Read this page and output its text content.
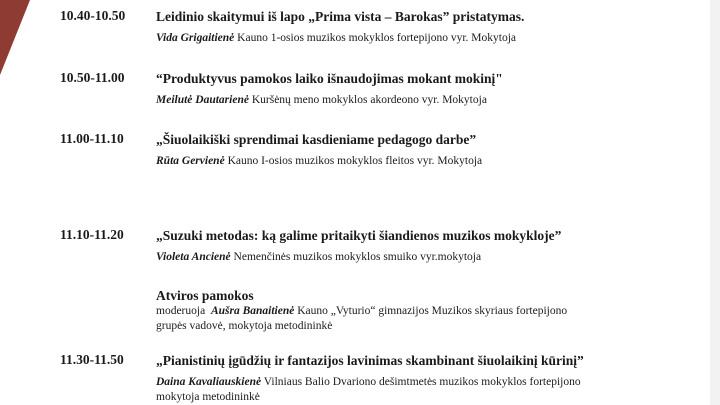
10.40-10.50	Leidinio skaitymui iš lapo „Prima vista – Barokas” pristatymas.
Vida Grigaitienė Kauno 1-osios muzikos mokyklos fortepijono vyr. Mokytoja
10.50-11.00	“Produktyvus pamokos laiko išnaudojimas mokant mokinį"
Meilutė Dautarienė Kuršėnų meno mokyklos akordeono vyr. Mokytoja
11.00-11.10	„Šiuolaikiški sprendimai kasdieniame pedagogo darbe”
Rūta Gervienė Kauno I-osios muzikos mokyklos fleitos vyr. Mokytoja
11.10-11.20	„Suzuki metodas: ką galime pritaikyti šiandienos muzikos mokykloje”
Violeta Ancienė Nemenčinės muzikos mokyklos smuiko vyr.mokytoja
Atviros pamokos
moderuoja Aušra Banaitienė Kauno „Vyturio“ gimnazijos Muzikos skyriaus fortepijono
grupės vadovė, mokytoja metodininkė
11.30-11.50	„Pianistinių įgūdžių ir fantazijos lavinimas skambinant šiuolaikinį kūrinį”
Daina Kavaliauskienė Vilniaus Balio Dvariono dešimtmetės muzikos mokyklos fortepijono
mokytoja metodininkė
